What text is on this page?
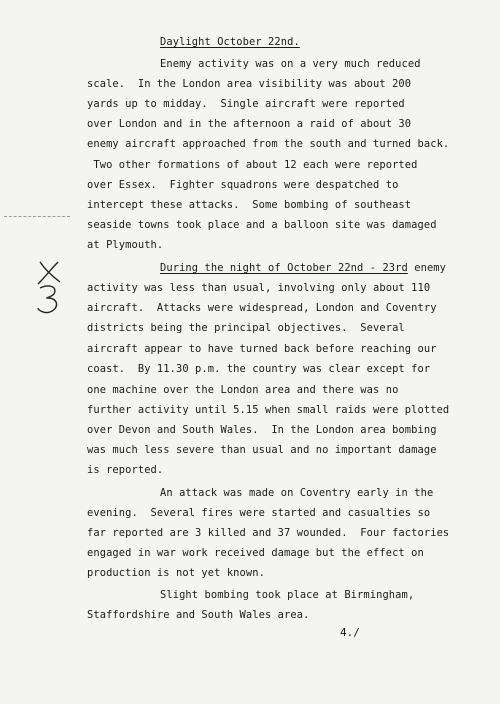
Daylight October 22nd.
Enemy activity was on a very much reduced
scale.  In the London area visibility was about 200
yards up to midday.  Single aircraft were reported
over London and in the afternoon a raid of about 30
enemy aircraft approached from the south and turned back.
Two other formations of about 12 each were reported
over Essex.  Fighter squadrons were despatched to
intercept these attacks.  Some bombing of southeast
seaside towns took place and a balloon site was damaged
at Plymouth.
During the night of October 22nd - 23rd enemy
activity was less than usual, involving only about 110
aircraft.  Attacks were widespread, London and Coventry
districts being the principal objectives.  Several
aircraft appear to have turned back before reaching our
coast.  By 11.30 p.m. the country was clear except for
one machine over the London area and there was no
further activity until 5.15 when small raids were plotted
over Devon and South Wales.  In the London area bombing
was much less severe than usual and no important damage
is reported.
An attack was made on Coventry early in the
evening.  Several fires were started and casualties so
far reported are 3 killed and 37 wounded.  Four factories
engaged in war work received damage but the effect on
production is not yet known.
Slight bombing took place at Birmingham,
Staffordshire and South Wales area.
4./
